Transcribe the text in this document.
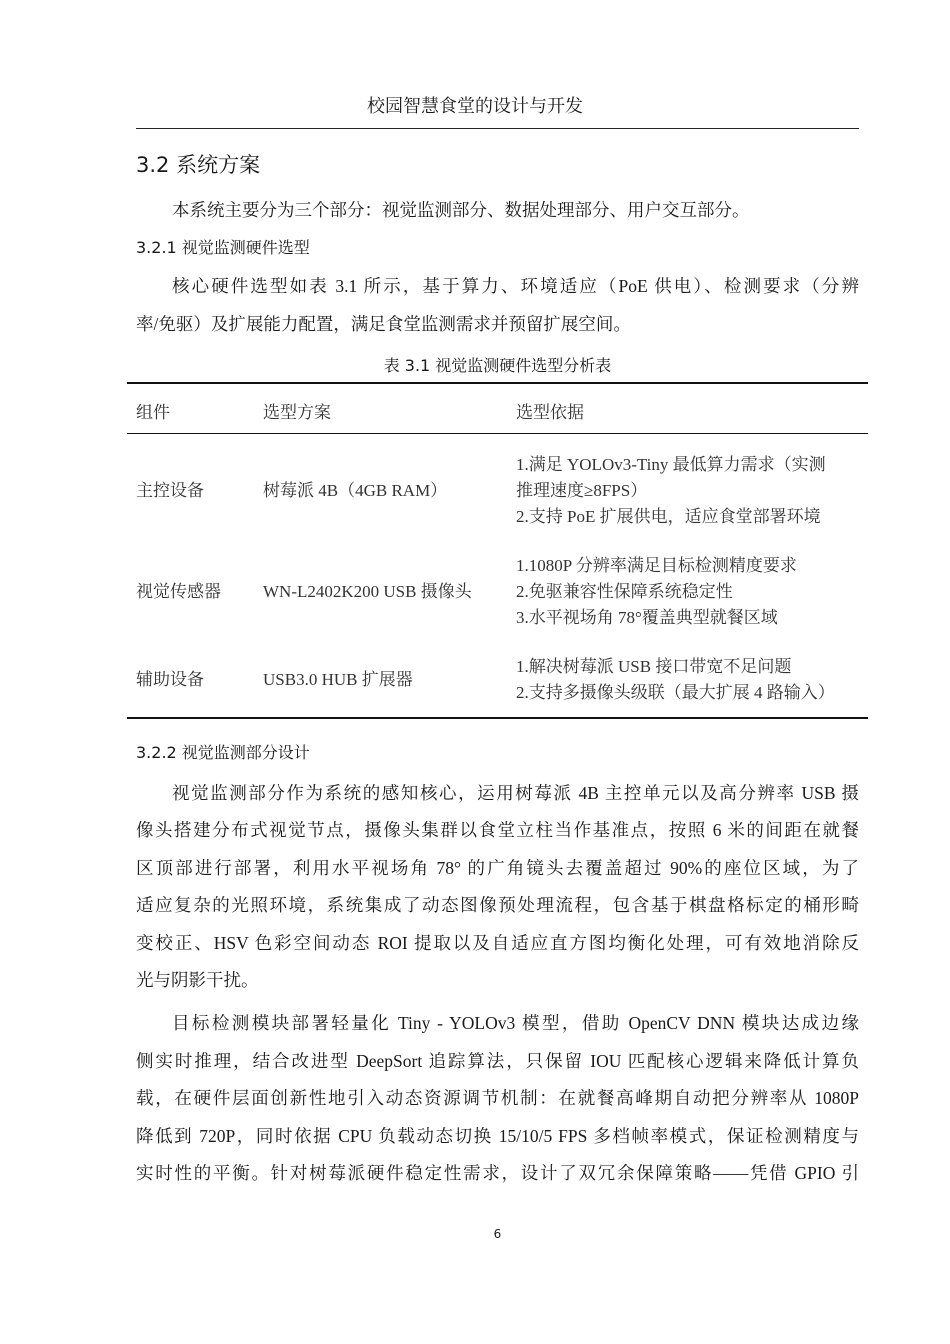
校园智慧食堂的设计与开发
3.2 系统方案
本系统主要分为三个部分：视觉监测部分、数据处理部分、用户交互部分。
3.2.1 视觉监测硬件选型
核心硬件选型如表 3.1 所示，基于算力、环境适应（PoE 供电）、检测要求（分辨
率/免驱）及扩展能力配置，满足食堂监测需求并预留扩展空间。
表 3.1 视觉监测硬件选型分析表
组件	选型方案	选型依据
主控设备	树莓派 4B（4GB RAM）
1.满足 YOLOv3-Tiny 最低算力需求（实测
推理速度≥8FPS）
2.支持 PoE 扩展供电，适应食堂部署环境
视觉传感器 WN-L2402K200 USB 摄像头
1.1080P 分辨率满足目标检测精度要求
2.免驱兼容性保障系统稳定性
3.水平视场角 78°覆盖典型就餐区域
辅助设备	USB3.0 HUB 扩展器
1.解决树莓派 USB 接口带宽不足问题
2.支持多摄像头级联（最大扩展 4 路输入）
3.2.2 视觉监测部分设计
视觉监测部分作为系统的感知核心，运用树莓派 4B 主控单元以及高分辨率 USB 摄
像头搭建分布式视觉节点，摄像头集群以食堂立柱当作基准点，按照 6 米的间距在就餐
区顶部进行部署，利用水平视场角 78° 的广角镜头去覆盖超过 90%的座位区域，为了
适应复杂的光照环境，系统集成了动态图像预处理流程，包含基于棋盘格标定的桶形畸
变校正、HSV 色彩空间动态 ROI 提取以及自适应直方图均衡化处理，可有效地消除反
光与阴影干扰。
目标检测模块部署轻量化 Tiny - YOLOv3 模型，借助 OpenCV DNN 模块达成边缘
侧实时推理，结合改进型 DeepSort 追踪算法，只保留 IOU 匹配核心逻辑来降低计算负
载，在硬件层面创新性地引入动态资源调节机制：在就餐高峰期自动把分辨率从 1080P
降低到 720P，同时依据 CPU 负载动态切换 15/10/5 FPS 多档帧率模式，保证检测精度与
实时性的平衡。针对树莓派硬件稳定性需求，设计了双冗余保障策略——凭借 GPIO 引
6
